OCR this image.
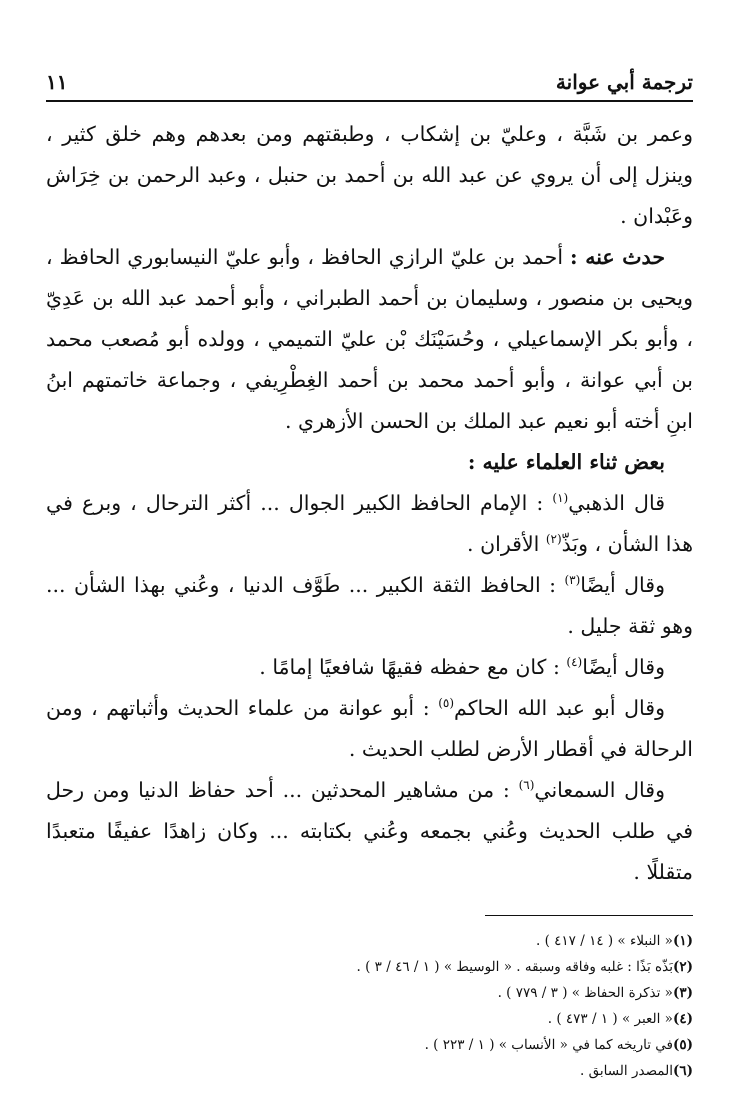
ترجمة أبي عوانة
١١

وعمر بن شَبَّة ، وعليّ بن إشكاب ، وطبقتهم ومن بعدهم وهم خلق كثير ، وينزل إلى أن يروي عن عبد الله بن أحمد بن حنبل ، وعبد الرحمن بن خِرَاش وعَبْدان .

حدث عنه : أحمد بن عليّ الرازي الحافظ ، وأبو عليّ النيسابوري الحافظ ، ويحيى بن منصور ، وسليمان بن أحمد الطبراني ، وأبو أحمد عبد الله بن عَدِيّ ، وأبو بكر الإسماعيلي ، وحُسَيْنَك بْن عليّ التميمي ، وولده أبو مُصعب محمد بن أبي عوانة ، وأبو أحمد محمد بن أحمد الغِطْرِيفي ، وجماعة خاتمتهم ابنُ ابنِ أخته أبو نعيم عبد الملك بن الحسن الأزهري .

بعض ثناء العلماء عليه :

قال الذهبي$^{(١)}$ : الإمام الحافظ الكبير الجوال ... أكثر الترحال ، وبرع في هذا الشأن ، وبَذّ$^{(٢)}$ الأقران .

وقال أيضًا$^{(٣)}$ : الحافظ الثقة الكبير ... طَوَّف الدنيا ، وعُني بهذا الشأن ... وهو ثقة جليل .

وقال أيضًا$^{(٤)}$ : كان مع حفظه فقيهًا شافعيًا إمامًا .

وقال أبو عبد الله الحاكم$^{(٥)}$ : أبو عوانة من علماء الحديث وأثباتهم ، ومن الرحالة في أقطار الأرض لطلب الحديث .

وقال السمعاني$^{(٦)}$ : من مشاهير المحدثين ... أحد حفاظ الدنيا ومن رحل في طلب الحديث وعُني بجمعه وعُني بكتابته ... وكان زاهدًا عفيفًا متعبدًا متقللًا .

(١)« النبلاء » ( ١٤ / ٤١٧ ) .

(٢)بَذّه بَذًا : غلبه وفاقه وسبقه . « الوسيط » ( ١ / ٤٦ / ٣ ) .

(٣)« تذكرة الحفاظ » ( ٣ / ٧٧٩ ) .

(٤)« العبر » ( ١ / ٤٧٣ ) .

(٥)في تاريخه كما في « الأنساب » ( ١ / ٢٢٣ ) .

(٦)المصدر السابق .
